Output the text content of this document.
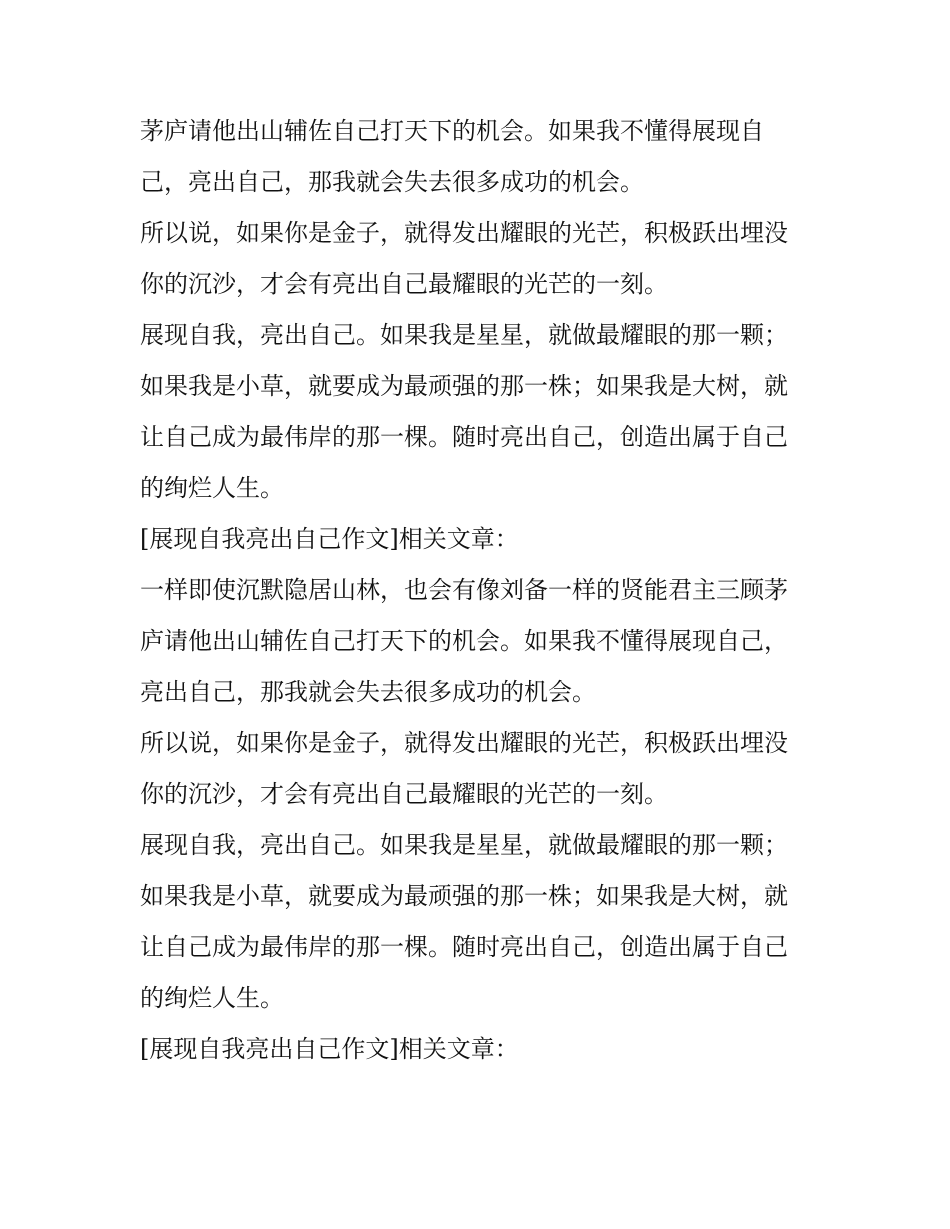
茅庐请他出山辅佐自己打天下的机会。如果我不懂得展现自
己，亮出自己，那我就会失去很多成功的机会。
所以说，如果你是金子，就得发出耀眼的光芒，积极跃出埋没
你的沉沙，才会有亮出自己最耀眼的光芒的一刻。
展现自我，亮出自己。如果我是星星，就做最耀眼的那一颗；
如果我是小草，就要成为最顽强的那一株；如果我是大树，就
让自己成为最伟岸的那一棵。随时亮出自己，创造出属于自己
的绚烂人生。
[展现自我亮出自己作文]相关文章：
一样即使沉默隐居山林，也会有像刘备一样的贤能君主三顾茅
庐请他出山辅佐自己打天下的机会。如果我不懂得展现自己，
亮出自己，那我就会失去很多成功的机会。
所以说，如果你是金子，就得发出耀眼的光芒，积极跃出埋没
你的沉沙，才会有亮出自己最耀眼的光芒的一刻。
展现自我，亮出自己。如果我是星星，就做最耀眼的那一颗；
如果我是小草，就要成为最顽强的那一株；如果我是大树，就
让自己成为最伟岸的那一棵。随时亮出自己，创造出属于自己
的绚烂人生。
[展现自我亮出自己作文]相关文章：
